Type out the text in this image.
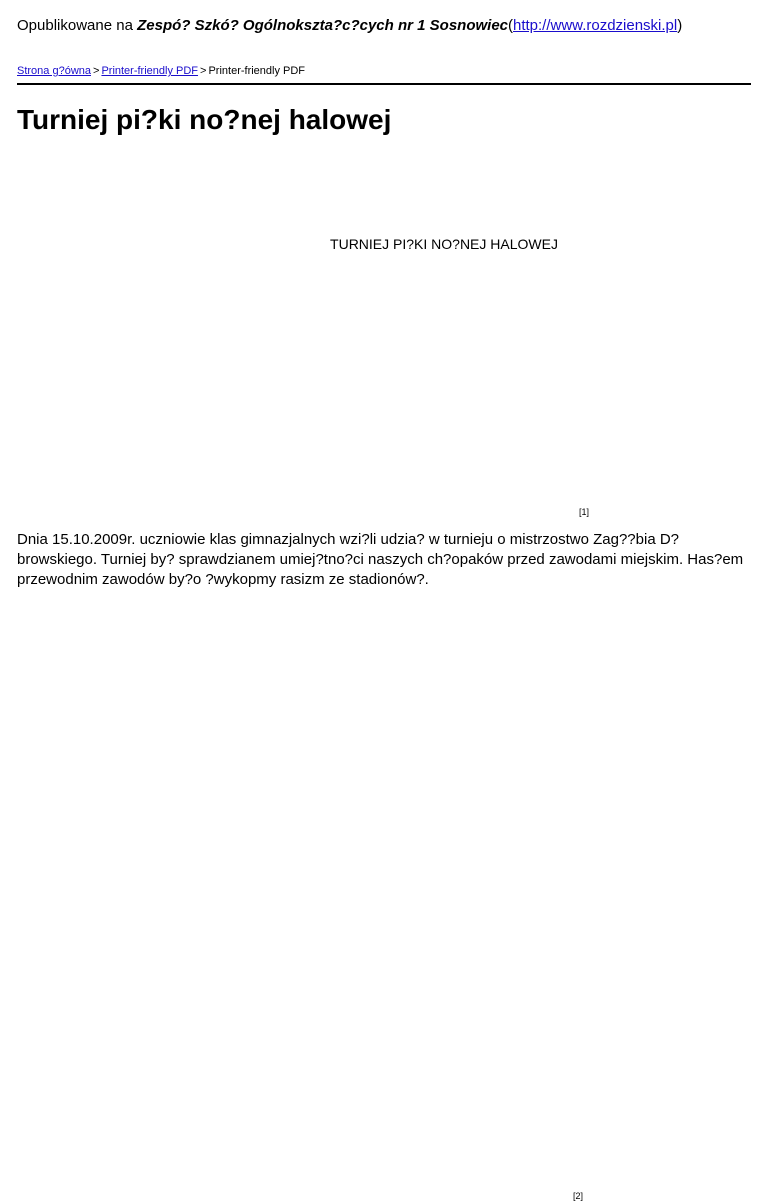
Opublikowane na Zespó? Szkó? Ogólnokszta?c?cych nr 1 Sosnowiec(http://www.rozdzienski.pl)
Strona g?ówna > Printer-friendly PDF > Printer-friendly PDF
Turniej pi?ki no?nej halowej
TURNIEJ PI?KI NO?NEJ HALOWEJ
[1]

Dnia 15.10.2009r. uczniowie klas gimnazjalnych wzi?li udzia? w turnieju o mistrzostwo Zag??bia D?browskiego. Turniej by? sprawdzianem umiej?tno?ci naszych ch?opaków przed zawodami miejskim. Has?em przewodnim zawodów by?o ?wykopmy rasizm ze stadionów?.

[2]
